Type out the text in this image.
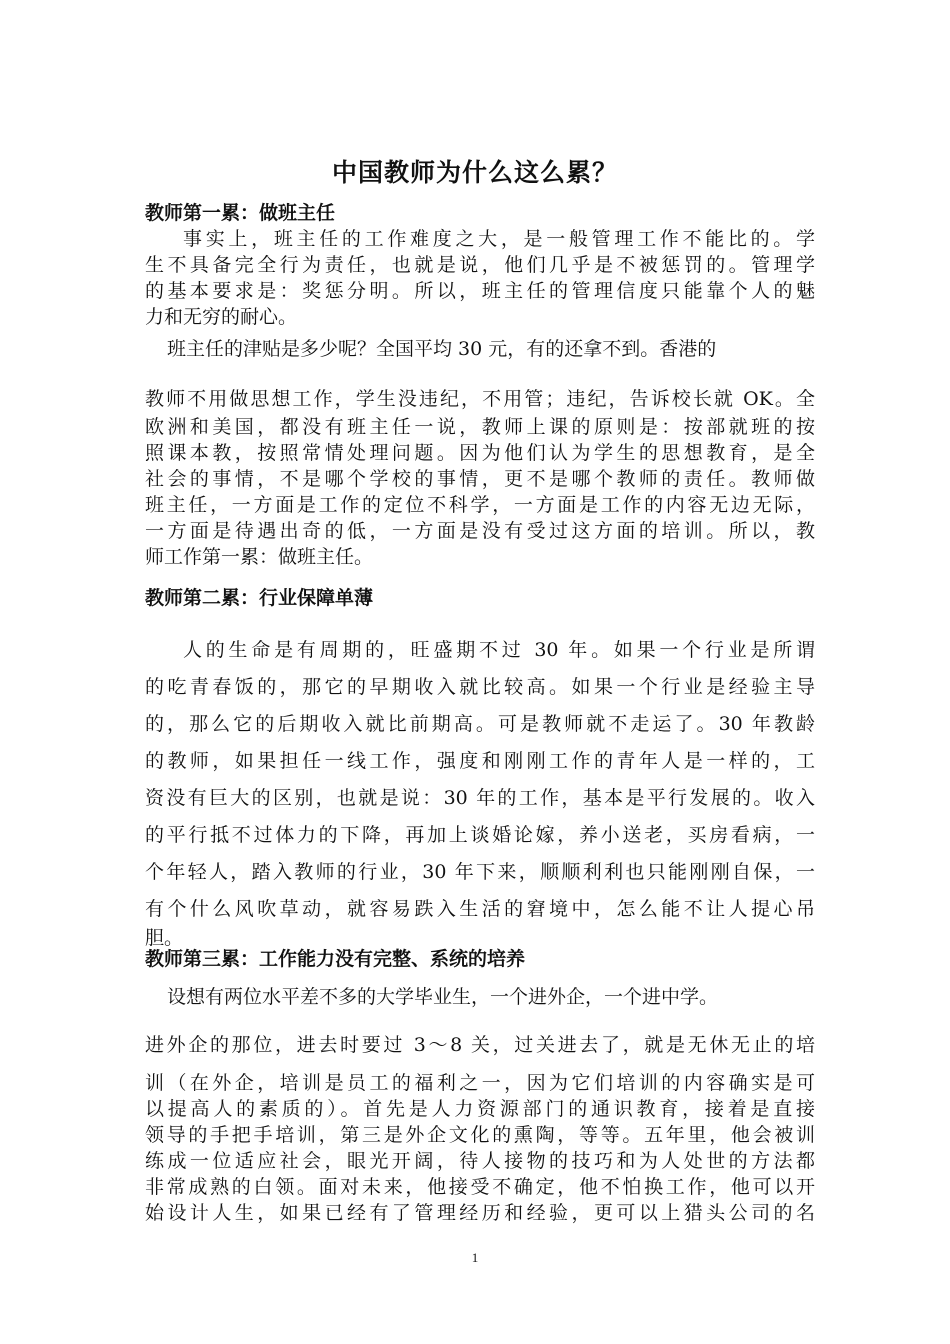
中国教师为什么这么累？
教师第一累：做班主任
事实上，班主任的工作难度之大，是一般管理工作不能比的。学
生不具备完全行为责任，也就是说，他们几乎是不被惩罚的。管理学
的基本要求是：奖惩分明。所以，班主任的管理信度只能靠个人的魅
力和无穷的耐心。
班主任的津贴是多少呢？全国平均 30 元，有的还拿不到。香港的
教师不用做思想工作，学生没违纪，不用管；违纪，告诉校长就 OK。全
欧洲和美国，都没有班主任一说，教师上课的原则是：按部就班的按
照课本教，按照常情处理问题。因为他们认为学生的思想教育，是全
社会的事情，不是哪个学校的事情，更不是哪个教师的责任。教师做
班主任，一方面是工作的定位不科学，一方面是工作的内容无边无际，
一方面是待遇出奇的低，一方面是没有受过这方面的培训。所以，教
师工作第一累：做班主任。
教师第二累：行业保障单薄
人的生命是有周期的，旺盛期不过 30 年。如果一个行业是所谓
的吃青春饭的，那它的早期收入就比较高。如果一个行业是经验主导
的，那么它的后期收入就比前期高。可是教师就不走运了。30 年教龄
的教师，如果担任一线工作，强度和刚刚工作的青年人是一样的，工
资没有巨大的区别，也就是说：30 年的工作，基本是平行发展的。收入
的平行抵不过体力的下降，再加上谈婚论嫁，养小送老，买房看病，一
个年轻人，踏入教师的行业，30 年下来，顺顺利利也只能刚刚自保，一
有个什么风吹草动，就容易跌入生活的窘境中，怎么能不让人提心吊
胆。
教师第三累：工作能力没有完整、系统的培养
设想有两位水平差不多的大学毕业生，一个进外企，一个进中学。
进外企的那位，进去时要过 3～8 关，过关进去了，就是无休无止的培
训（在外企，培训是员工的福利之一，因为它们培训的内容确实是可
以提高人的素质的）。首先是人力资源部门的通识教育，接着是直接
领导的手把手培训，第三是外企文化的熏陶，等等。五年里，他会被训
练成一位适应社会，眼光开阔，待人接物的技巧和为人处世的方法都
非常成熟的白领。面对未来，他接受不确定，他不怕换工作，他可以开
始设计人生，如果已经有了管理经历和经验，更可以上猎头公司的名
1
